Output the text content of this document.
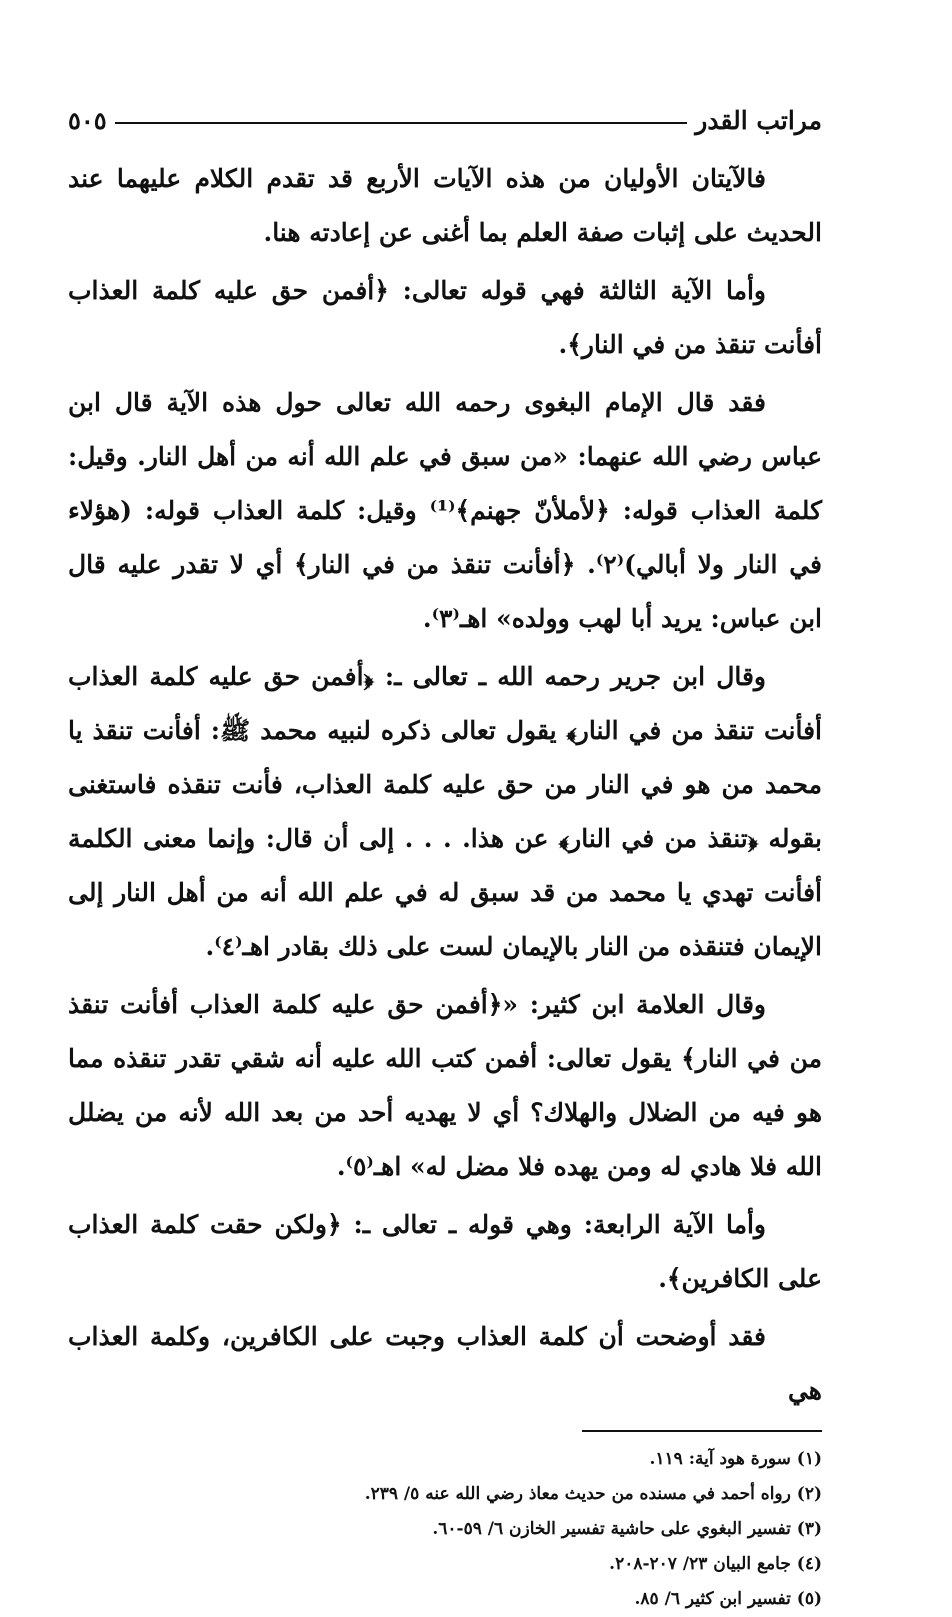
مراتب القدر
٥٠٥

فالآيتان الأوليان من هذه الآيات الأربع قد تقدم الكلام عليهما عند الحديث على إثبات صفة العلم بما أغنى عن إعادته هنا.

وأما الآية الثالثة فهي قوله تعالى: ﴿أفمن حق عليه كلمة العذاب أفأنت تنقذ من في النار﴾.

فقد قال الإمام البغوى رحمه الله تعالى حول هذه الآية قال ابن عباس رضي الله عنهما: «من سبق في علم الله أنه من أهل النار. وقيل: كلمة العذاب قوله: ﴿لأملأنّ جهنم﴾⁽¹⁾ وقيل: كلمة العذاب قوله: (هؤلاء في النار ولا أبالي)⁽٢⁾. ﴿أفأنت تنقذ من في النار﴾ أي لا تقدر عليه قال ابن عباس: يريد أبا لهب وولده» اهـ⁽٣⁾.

وقال ابن جرير رحمه الله ـ تعالى ـ: ﴿أفمن حق عليه كلمة العذاب أفأنت تنقذ من في النار﴾ يقول تعالى ذكره لنبيه محمد ﷺ: أفأنت تنقذ يا محمد من هو في النار من حق عليه كلمة العذاب، فأنت تنقذه فاستغنى بقوله ﴿تنقذ من في النار﴾ عن هذا. . . . إلى أن قال: وإنما معنى الكلمة أفأنت تهدي يا محمد من قد سبق له في علم الله أنه من أهل النار إلى الإيمان فتنقذه من النار بالإيمان لست على ذلك بقادر اهـ⁽٤⁾.

وقال العلامة ابن كثير: «﴿أفمن حق عليه كلمة العذاب أفأنت تنقذ من في النار﴾ يقول تعالى: أفمن كتب الله عليه أنه شقي تقدر تنقذه مما هو فيه من الضلال والهلاك؟ أي لا يهديه أحد من بعد الله لأنه من يضلل الله فلا هادي له ومن يهده فلا مضل له» اهـ⁽٥⁾.

وأما الآية الرابعة: وهي قوله ـ تعالى ـ: ﴿ولكن حقت كلمة العذاب على الكافرين﴾.

فقد أوضحت أن كلمة العذاب وجبت على الكافرين، وكلمة العذاب هي

(١) سورة هود آية: ١١٩.

(٢) رواه أحمد في مسنده من حديث معاذ رضي الله عنه ٥/ ٢٣٩.

(٣) تفسير البغوي على حاشية تفسير الخازن ٦/ ٥٩-٦٠.

(٤) جامع البيان ٢٣/ ٢٠٧-٢٠٨.

(٥) تفسير ابن كثير ٦/ ٨٥.
